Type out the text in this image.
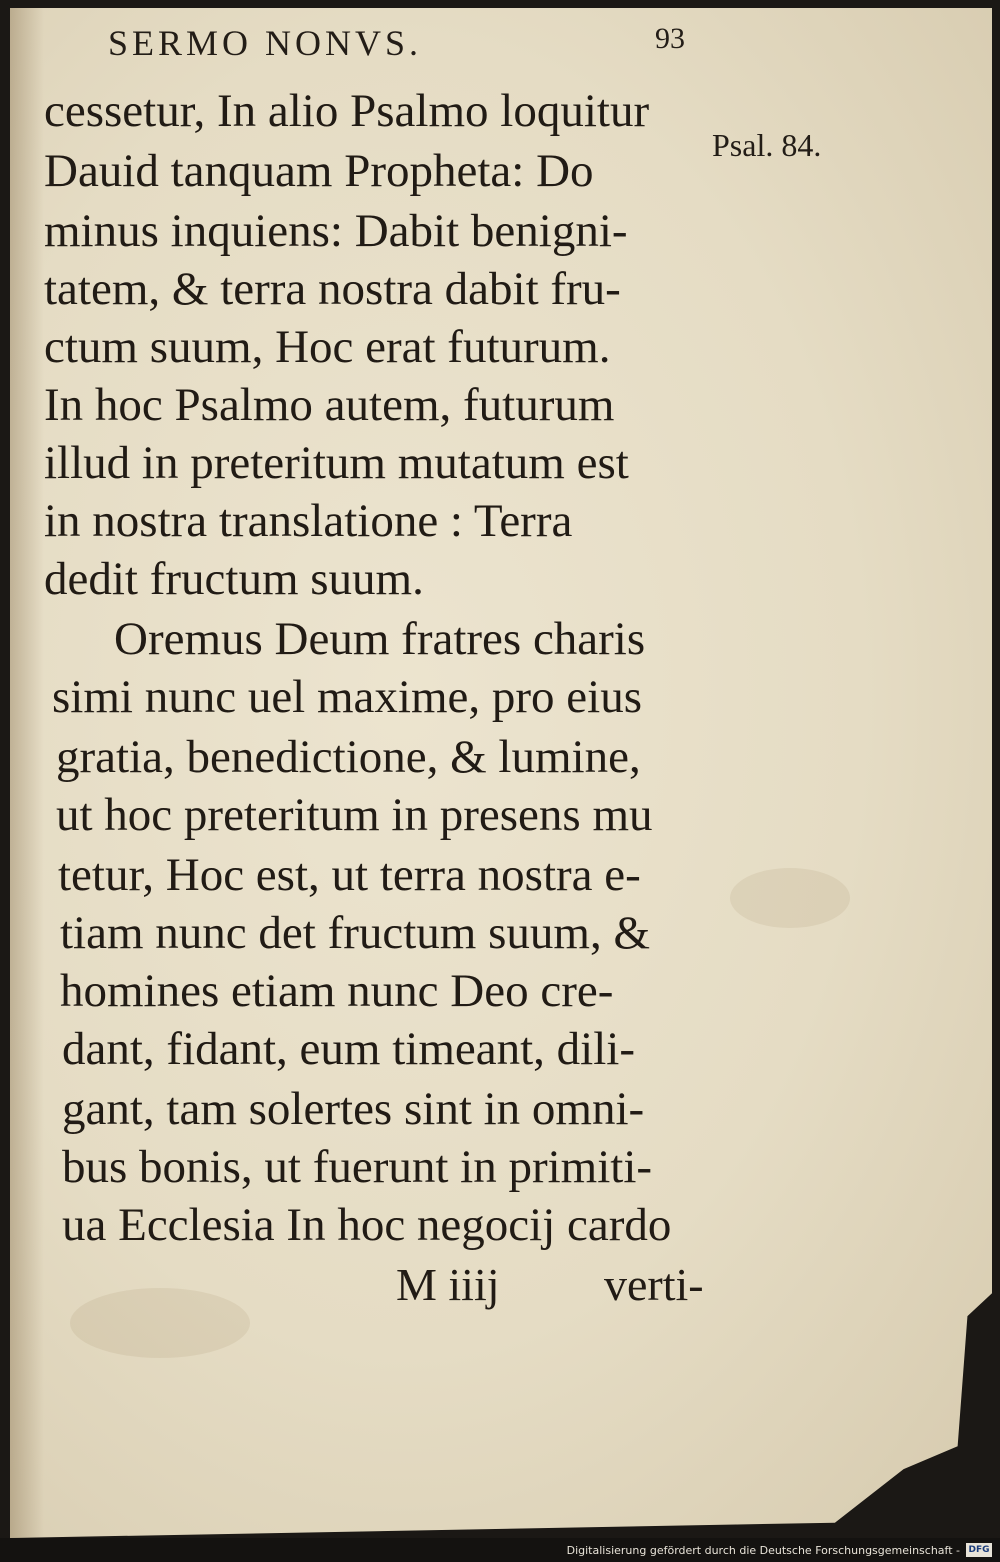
SERMO NONVS.	93
Psal. 84.
cessetur, In alio Psalmo loquitur
Dauid tanquam Propheta: Do
minus inquiens: Dabit benigni-
tatem, & terra nostra dabit fru-
ctum suum, Hoc erat futurum.
In hoc Psalmo autem, futurum
illud in preteritum mutatum est
in nostra translatione : Terra
dedit fructum suum.
Oremus Deum fratres charis
simi nunc uel maxime, pro eius
gratia, benedictione, & lumine,
ut hoc preteritum in presens mu
tetur, Hoc est, ut terra nostra e-
tiam nunc det fructum suum, &
homines etiam nunc Deo cre-
dant, fidant, eum timeant, dili-
gant, tam solertes sint in omni-
bus bonis, ut fuerunt in primiti-
ua Ecclesia In hoc negocij cardo
M iiij verti-
Digitalisierung gefördert durch die Deutsche Forschungsgemeinschaft - DFG
